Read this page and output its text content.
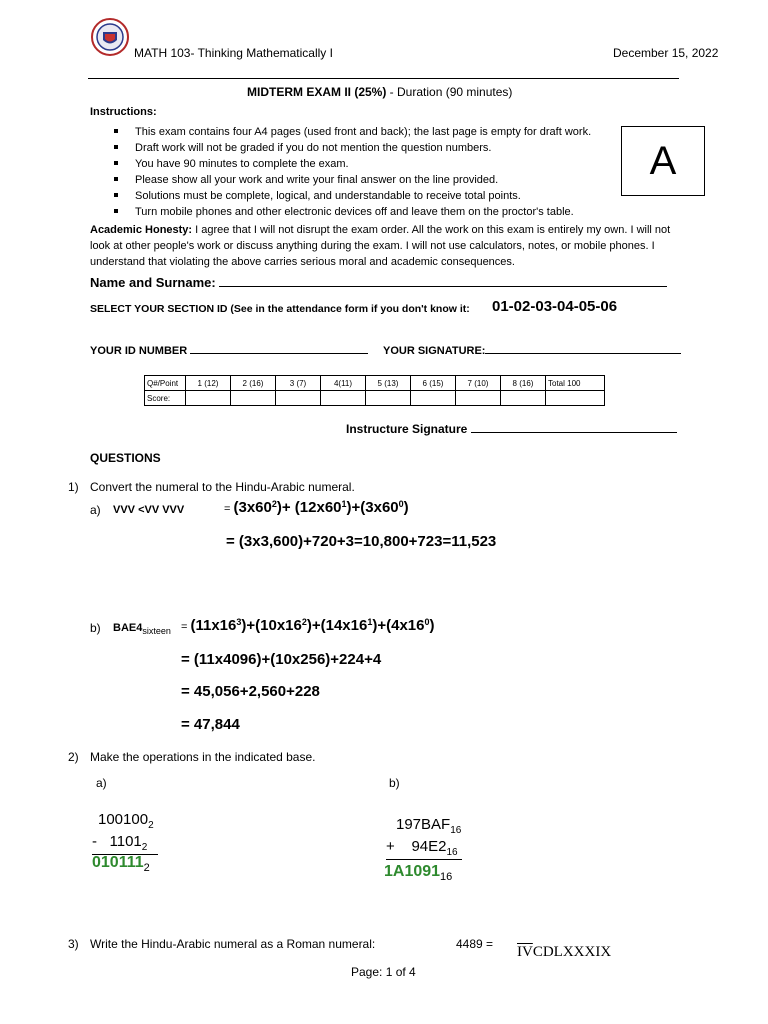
MATH 103- Thinking Mathematically I	December 15, 2022
MIDTERM EXAM II (25%) - Duration (90 minutes)
Instructions:
This exam contains four A4 pages (used front and back); the last page is empty for draft work.
Draft work will not be graded if you do not mention the question numbers.
You have 90 minutes to complete the exam.
Please show all your work and write your final answer on the line provided.
Solutions must be complete, logical, and understandable to receive total points.
Turn mobile phones and other electronic devices off and leave them on the proctor's table.
A
Academic Honesty: I agree that I will not disrupt the exam order. All the work on this exam is entirely my own. I will not look at other people's work or discuss anything during the exam. I will not use calculators, notes, or mobile phones. I understand that violating the above carries serious moral and academic consequences.
Name and Surname:
SELECT YOUR SECTION ID (See in the attendance form if you don't know it: 01-02-03-04-05-06
YOUR ID NUMBER	YOUR SIGNATURE:
Q#/Point	1 (12)	2 (16)	3 (7)	4(11)	5 (13)	6 (15)	7 (10)	8 (16)	Total 100
Score:									
Instructure Signature
QUESTIONS
1) Convert the numeral to the Hindu-Arabic numeral.
a) VVV <VV VVV	= $(3x60^2)+ (12x60^1)+(3x60^0)$
= (3x3,600)+720+3=10,800+723=11,523
b) $BAE4_{sixteen} = (11x16^3)+(10x16^2)+(14x16^1)+(4x16^0)$
= (11x4096)+(10x256)+224+4
= 45,056+2,560+228
= 47,844
2) Make the operations in the indicated base.
a)	b)
$100100_2$
- $1101_2$
$010111_2$
$197BAF_{16}$
+ $94E2_{16}$
$1A1091_{16}$
3) Write the Hindu-Arabic numeral as a Roman numeral:	$4489 = \overline{IV}CDLXXXIX$
Page: 1 of 4
